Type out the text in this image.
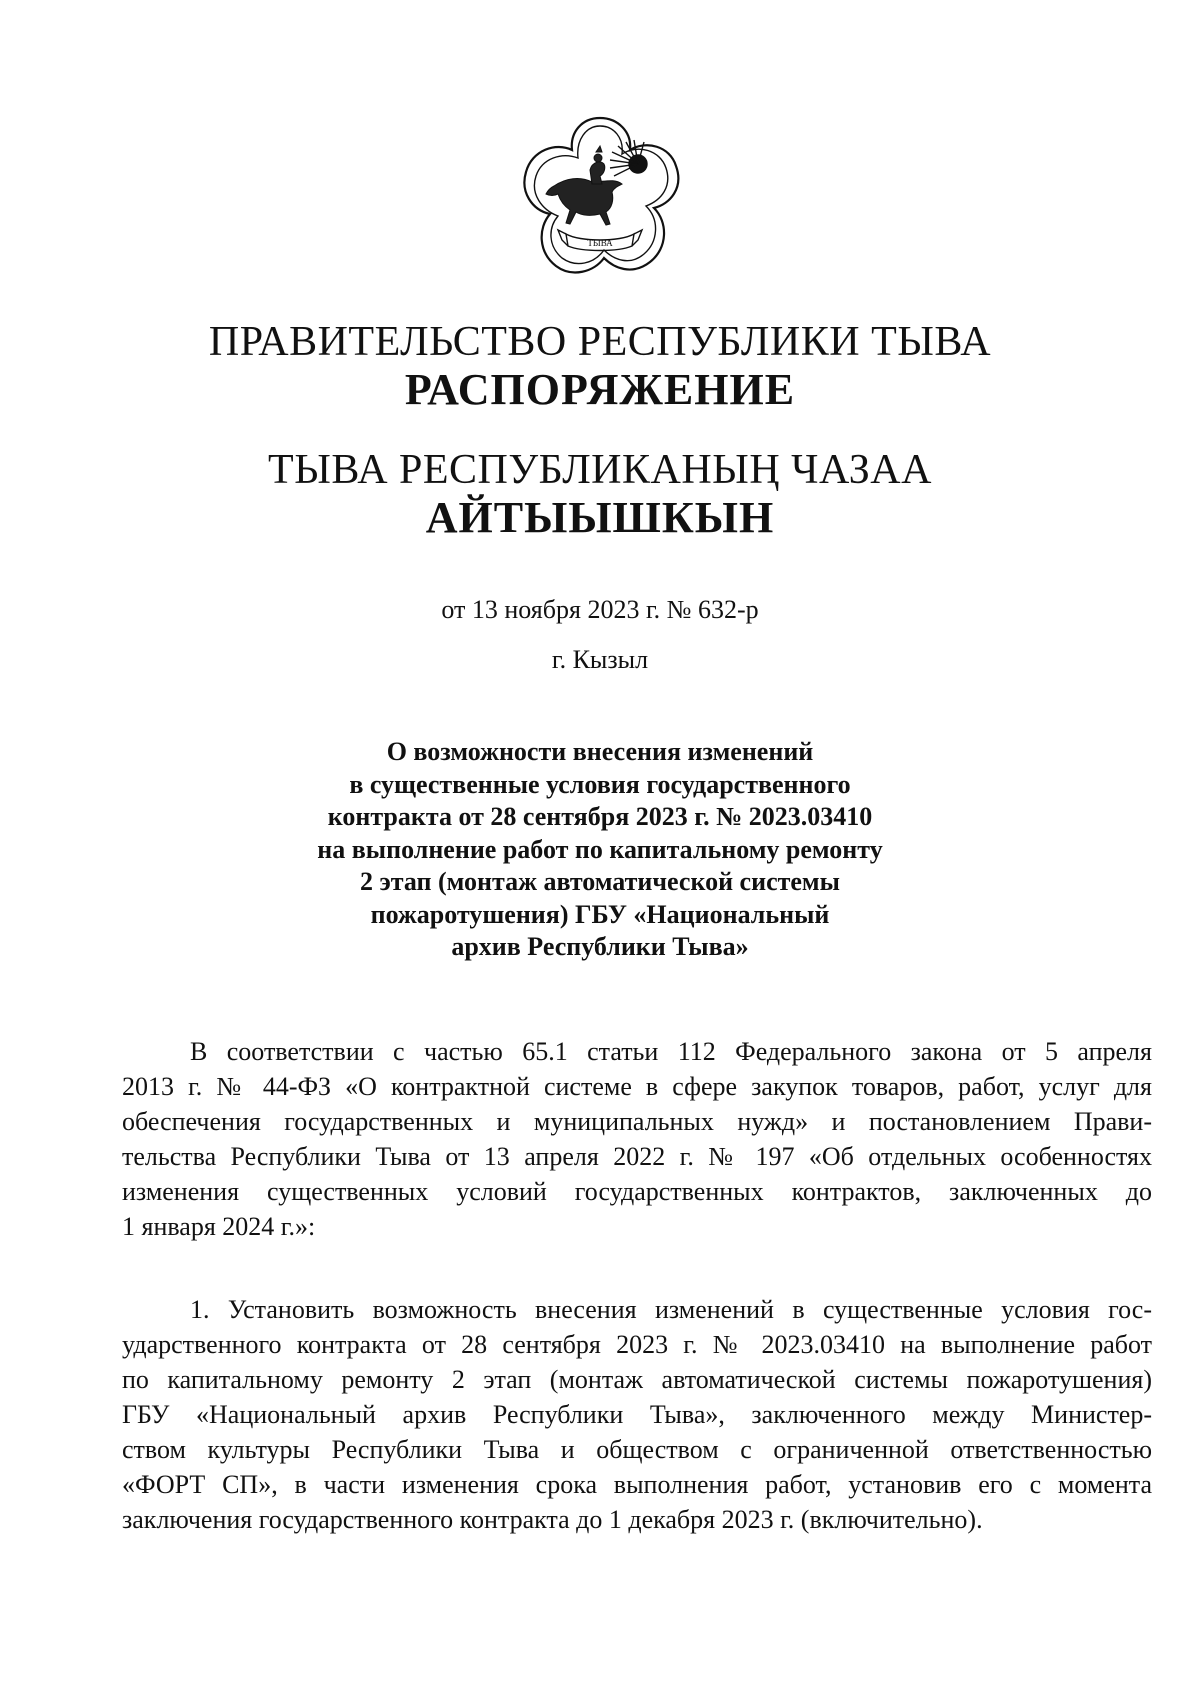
ТЫВА
ПРАВИТЕЛЬСТВО РЕСПУБЛИКИ ТЫВА
РАСПОРЯЖЕНИЕ
ТЫВА РЕСПУБЛИКАНЫҢ ЧАЗАА
АЙТЫЫШКЫН
от 13 ноября 2023 г. № 632-р
г. Кызыл
О возможности внесения изменений
в существенные условия государственного
контракта от 28 сентября 2023 г. № 2023.03410
на выполнение работ по капитальному ремонту
2 этап (монтаж автоматической системы
пожаротушения) ГБУ «Национальный
архив Республики Тыва»
В соответствии с частью 65.1 статьи 112 Федерального закона от 5 апреля
2013 г. № 44-ФЗ «О контрактной системе в сфере закупок товаров, работ, услуг для
обеспечения государственных и муниципальных нужд» и постановлением Прави-
тельства Республики Тыва от 13 апреля 2022 г. № 197 «Об отдельных особенностях
изменения существенных условий государственных контрактов, заключенных до
1 января 2024 г.»:
1. Установить возможность внесения изменений в существенные условия гос-
ударственного контракта от 28 сентября 2023 г. № 2023.03410 на выполнение работ
по капитальному ремонту 2 этап (монтаж автоматической системы пожаротушения)
ГБУ «Национальный архив Республики Тыва», заключенного между Министер-
ством культуры Республики Тыва и обществом с ограниченной ответственностью
«ФОРТ СП», в части изменения срока выполнения работ, установив его с момента
заключения государственного контракта до 1 декабря 2023 г. (включительно).
